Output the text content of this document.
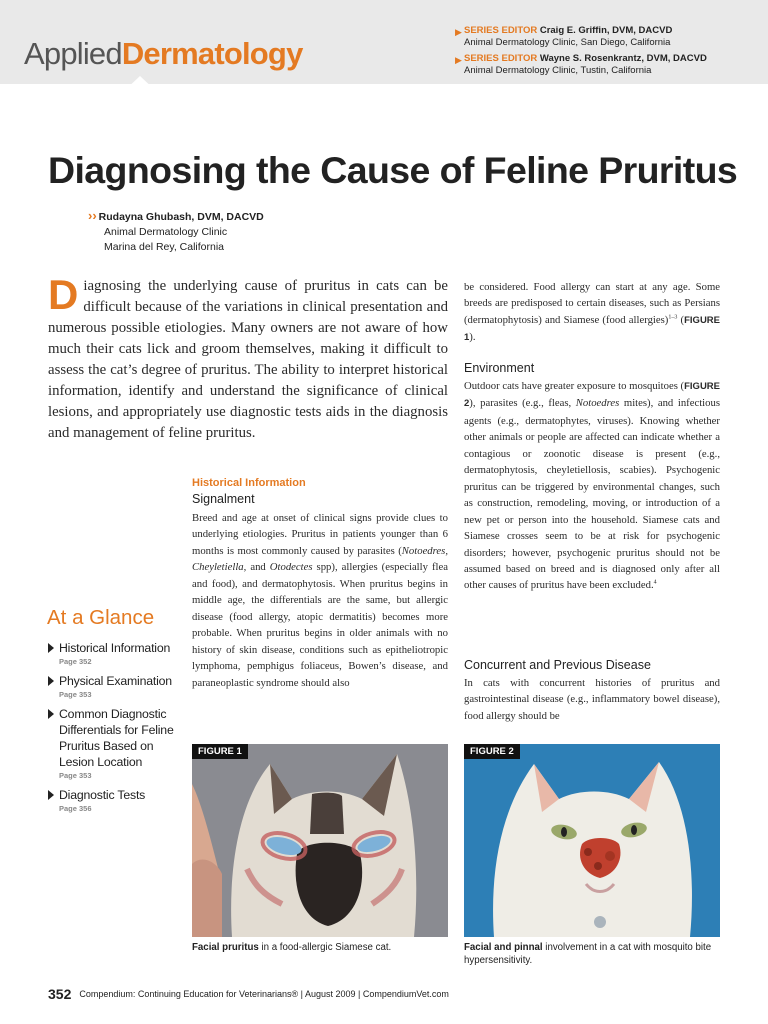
AppliedDermatology
▶ SERIES EDITOR Craig E. Griffin, DVM, DACVD
Animal Dermatology Clinic, San Diego, California
▶ SERIES EDITOR Wayne S. Rosenkrantz, DVM, DACVD
Animal Dermatology Clinic, Tustin, California
Diagnosing the Cause of Feline Pruritus
›› Rudayna Ghubash, DVM, DACVD
Animal Dermatology Clinic
Marina del Rey, California
Diagnosing the underlying cause of pruritus in cats can be difficult because of the variations in clinical presentation and numerous possible etiologies. Many owners are not aware of how much their cats lick and groom themselves, making it difficult to assess the cat’s degree of pruritus. The ability to interpret historical information, identify and understand the significance of clinical lesions, and appropriately use diagnostic tests aids in the diagnosis and management of feline pruritus.
Historical Information
Signalment
Breed and age at onset of clinical signs provide clues to underlying etiologies. Pruritus in patients younger than 6 months is most commonly caused by parasites (Notoedres, Cheyletiella, and Otodectes spp), allergies (especially flea and food), and dermatophytosis. When pruritus begins in middle age, the differentials are the same, but allergic disease (food allergy, atopic dermatitis) becomes more probable. When pruritus begins in older animals with no history of skin disease, conditions such as epitheliotropic lymphoma, pemphigus foliaceus, Bowen’s disease, and paraneoplastic syndrome should also
be considered. Food allergy can start at any age. Some breeds are predisposed to certain diseases, such as Persians (dermatophytosis) and Siamese (food allergies)$^{1-3}$ (FIGURE 1).
Environment
Outdoor cats have greater exposure to mosquitoes (FIGURE 2), parasites (e.g., fleas, Notoedres mites), and infectious agents (e.g., dermatophytes, viruses). Knowing whether other animals or people are affected can indicate whether a contagious or zoonotic disease is present (e.g., dermatophytosis, cheyletiellosis, scabies). Psychogenic pruritus can be triggered by environmental changes, such as construction, remodeling, moving, or introduction of a new pet or person into the household. Siamese cats and Siamese crosses seem to be at risk for psychogenic disorders; however, psychogenic pruritus should not be assumed based on breed and is diagnosed only after all other causes of pruritus have been excluded.$^4$
Concurrent and Previous Disease
In cats with concurrent histories of pruritus and gastrointestinal disease (e.g., inflammatory bowel disease), food allergy should be
At a Glance
Historical Information
Page 352
Physical Examination
Page 353
Common Diagnostic Differentials for Feline Pruritus Based on Lesion Location
Page 353
Diagnostic Tests
Page 356
FIGURE 1	FIGURE 2
Facial pruritus in a food-allergic Siamese cat.	Facial and pinnal involvement in a cat with mosquito bite hypersensitivity.
352 Compendium: Continuing Education for Veterinarians® | August 2009 | CompendiumVet.com
